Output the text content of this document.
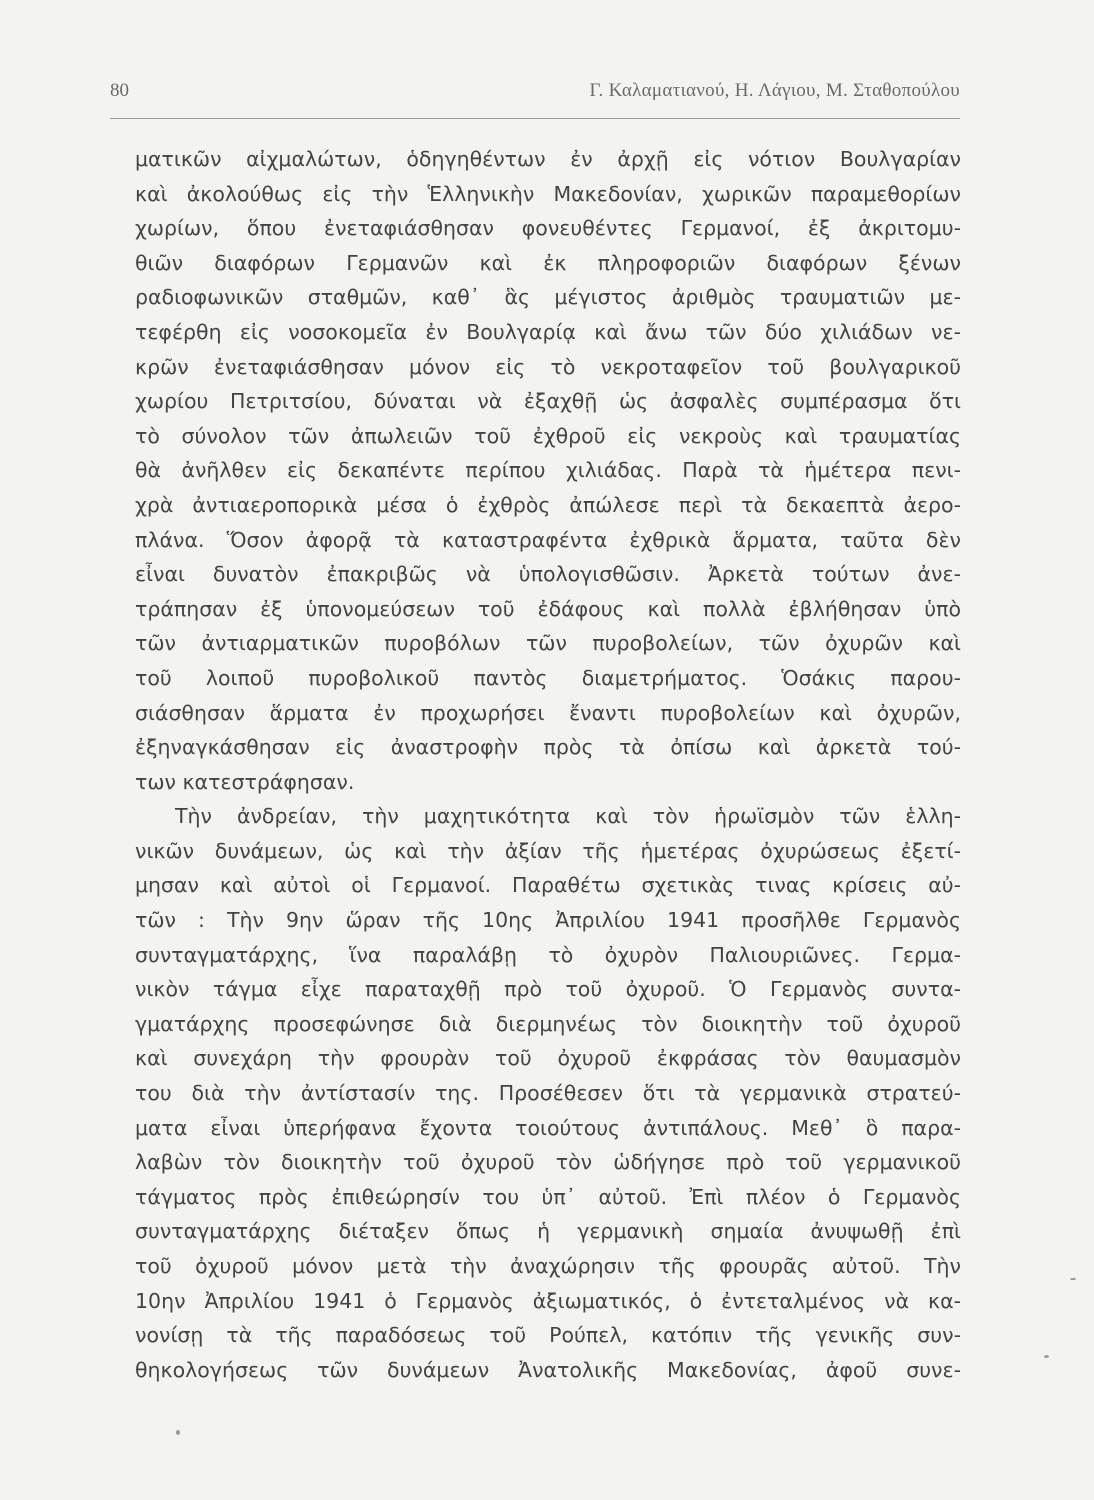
80	Γ. Καλαματιανού, Η. Λάγιου, Μ. Σταθοπούλου
ματικῶν αἰχμαλώτων, ὁδηγηθέντων ἐν ἀρχῇ εἰς νότιον Βουλγαρίαν
καὶ ἀκολούθως εἰς τὴν Ἑλληνικὴν Μακεδονίαν, χωρικῶν παραμεθορίων
χωρίων, ὅπου ἐνεταφιάσθησαν φονευθέντες Γερμανοί, ἐξ ἀκριτομυ-
θιῶν διαφόρων Γερμανῶν καὶ ἐκ πληροφοριῶν διαφόρων ξένων
ραδιοφωνικῶν σταθμῶν, καθ᾽ ἃς μέγιστος ἀριθμὸς τραυματιῶν με-
τεφέρθη εἰς νοσοκομεῖα ἐν Βουλγαρίᾳ καὶ ἄνω τῶν δύο χιλιάδων νε-
κρῶν ἐνεταφιάσθησαν μόνον εἰς τὸ νεκροταφεῖον τοῦ βουλγαρικοῦ
χωρίου Πετριτσίου, δύναται νὰ ἐξαχθῇ ὡς ἀσφαλὲς συμπέρασμα ὅτι
τὸ σύνολον τῶν ἀπωλειῶν τοῦ ἐχθροῦ εἰς νεκροὺς καὶ τραυματίας
θὰ ἀνῆλθεν εἰς δεκαπέντε περίπου χιλιάδας. Παρὰ τὰ ἡμέτερα πενι-
χρὰ ἀντιαεροπορικὰ μέσα ὁ ἐχθρὸς ἀπώλεσε περὶ τὰ δεκαεπτὰ ἀερο-
πλάνα. Ὅσον ἀφορᾷ τὰ καταστραφέντα ἐχθρικὰ ἅρματα, ταῦτα δὲν
εἶναι δυνατὸν ἐπακριβῶς νὰ ὑπολογισθῶσιν. Ἀρκετὰ τούτων ἀνε-
τράπησαν ἐξ ὑπονομεύσεων τοῦ ἐδάφους καὶ πολλὰ ἐβλήθησαν ὑπὸ
τῶν ἀντιαρματικῶν πυροβόλων τῶν πυροβολείων, τῶν ὀχυρῶν καὶ
τοῦ λοιποῦ πυροβολικοῦ παντὸς διαμετρήματος. Ὁσάκις παρου-
σιάσθησαν ἅρματα ἐν προχωρήσει ἔναντι πυροβολείων καὶ ὀχυρῶν,
ἐξηναγκάσθησαν εἰς ἀναστροφὴν πρὸς τὰ ὀπίσω καὶ ἀρκετὰ τού-
των κατεστράφησαν.
Τὴν ἀνδρείαν, τὴν μαχητικότητα καὶ τὸν ἡρωϊσμὸν τῶν ἑλλη-
νικῶν δυνάμεων, ὡς καὶ τὴν ἀξίαν τῆς ἡμετέρας ὀχυρώσεως ἐξετί-
μησαν καὶ αὐτοὶ οἱ Γερμανοί. Παραθέτω σχετικὰς τινας κρίσεις αὐ-
τῶν : Τὴν 9ην ὥραν τῆς 10ης Ἀπριλίου 1941 προσῆλθε Γερμανὸς
συνταγματάρχης, ἵνα παραλάβῃ τὸ ὀχυρὸν Παλιουριῶνες. Γερμα-
νικὸν τάγμα εἶχε παραταχθῇ πρὸ τοῦ ὀχυροῦ. Ὁ Γερμανὸς συντα-
γματάρχης προσεφώνησε διὰ διερμηνέως τὸν διοικητὴν τοῦ ὀχυροῦ
καὶ συνεχάρη τὴν φρουρὰν τοῦ ὀχυροῦ ἐκφράσας τὸν θαυμασμὸν
του διὰ τὴν ἀντίστασίν της. Προσέθεσεν ὅτι τὰ γερμανικὰ στρατεύ-
ματα εἶναι ὑπερήφανα ἔχοντα τοιούτους ἀντιπάλους. Μεθ᾽ ὃ παρα-
λαβὼν τὸν διοικητὴν τοῦ ὀχυροῦ τὸν ὡδήγησε πρὸ τοῦ γερμανικοῦ
τάγματος πρὸς ἐπιθεώρησίν του ὑπ᾽ αὐτοῦ. Ἐπὶ πλέον ὁ Γερμανὸς
συνταγματάρχης διέταξεν ὅπως ἡ γερμανικὴ σημαία ἀνυψωθῇ ἐπὶ
τοῦ ὀχυροῦ μόνον μετὰ τὴν ἀναχώρησιν τῆς φρουρᾶς αὐτοῦ. Τὴν
10ην Ἀπριλίου 1941 ὁ Γερμανὸς ἀξιωματικός, ὁ ἐντεταλμένος νὰ κα-
νονίσῃ τὰ τῆς παραδόσεως τοῦ Ρούπελ, κατόπιν τῆς γενικῆς συν-
θηκολογήσεως τῶν δυνάμεων Ἀνατολικῆς Μακεδονίας, ἀφοῦ συνε-
